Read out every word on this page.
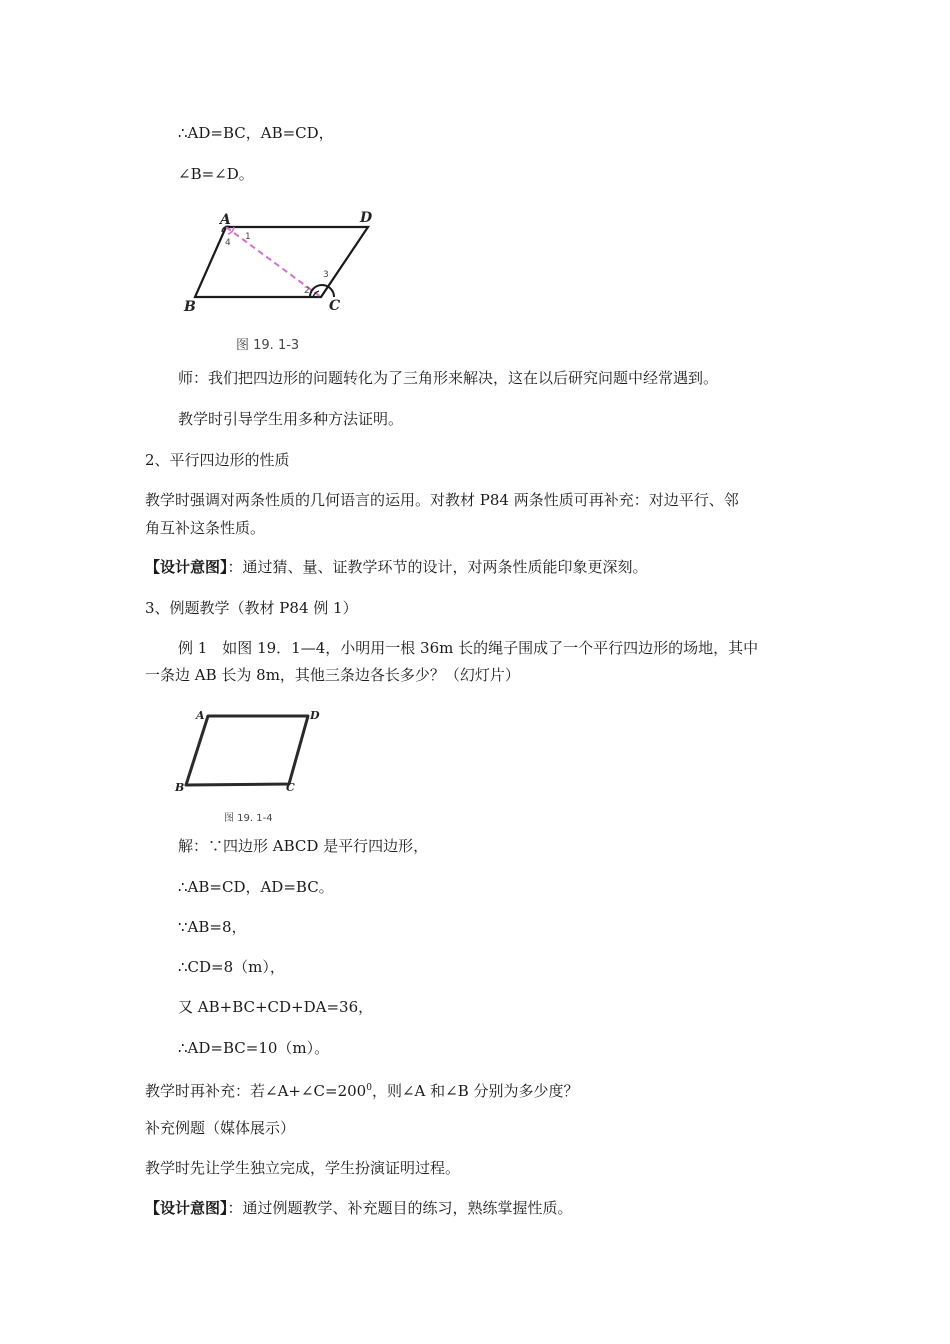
∴AD=BC，AB=CD，
∠B=∠D。
A	D
B	C
1
4
3
2
图 19. 1-3
师：我们把四边形的问题转化为了三角形来解决，这在以后研究问题中经常遇到。
教学时引导学生用多种方法证明。
2、平行四边形的性质
教学时强调对两条性质的几何语言的运用。对教材 P84 两条性质可再补充：对边平行、邻
角互补这条性质。
【设计意图】：通过猜、量、证教学环节的设计，对两条性质能印象更深刻。
3、例题教学（教材 P84 例 1）
例 1　如图 19．1—4，小明用一根 36m 长的绳子围成了一个平行四边形的场地，其中
一条边 AB 长为 8m，其他三条边各长多少？（幻灯片）
A	D
B	C
图 19. 1-4
解：∵四边形 ABCD 是平行四边形，
∴AB=CD，AD=BC。
∵AB=8，
∴CD=8（m），
又 AB+BC+CD+DA=36，
∴AD=BC=10（m）。
教学时再补充：若$\angle A+\angle C=200^0$，则∠A 和∠B 分别为多少度？
补充例题（媒体展示）
教学时先让学生独立完成，学生扮演证明过程。
【设计意图】：通过例题教学、补充题目的练习，熟练掌握性质。
